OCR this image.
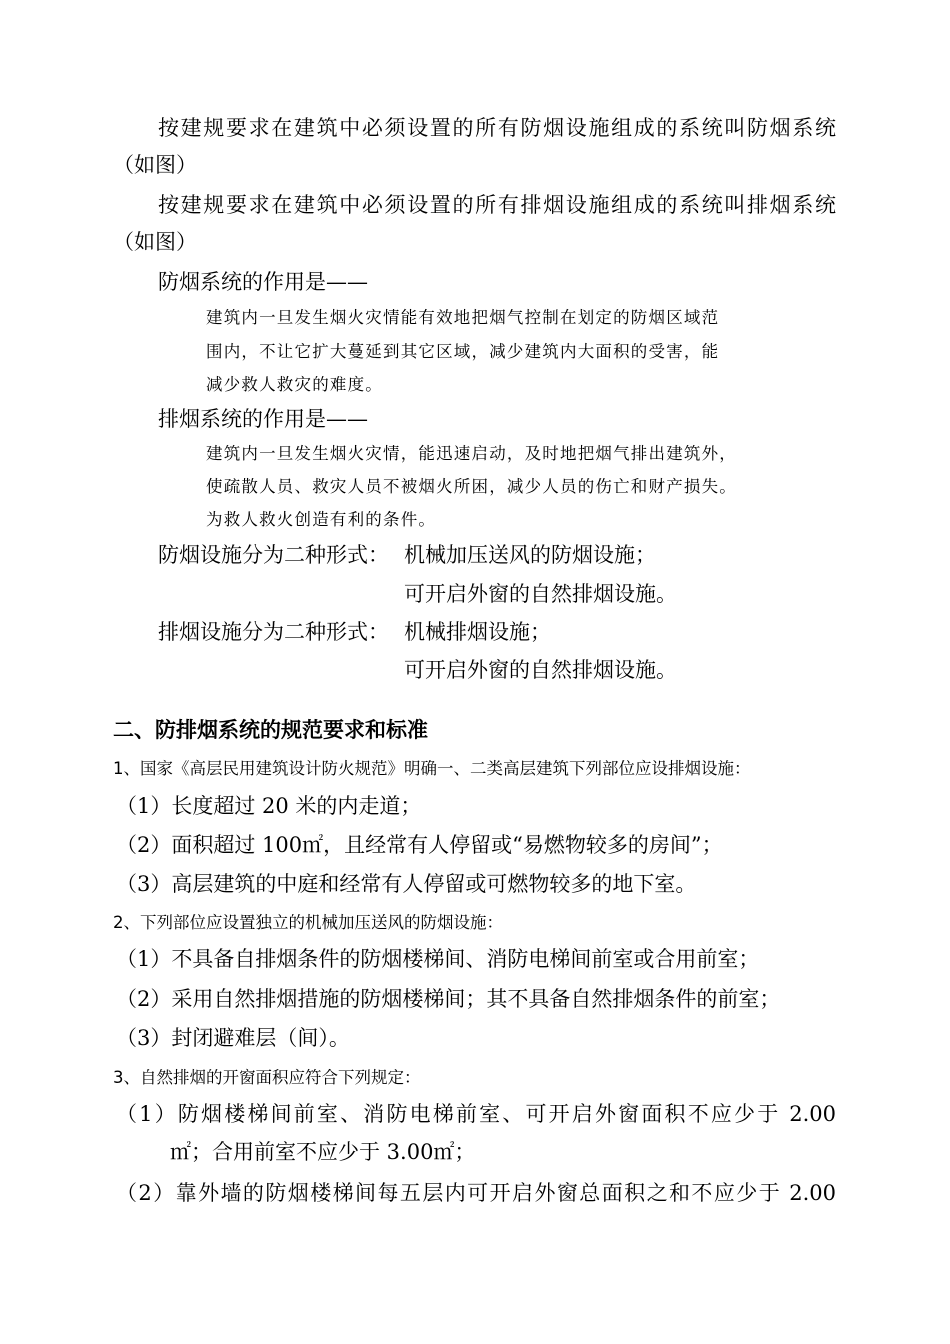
按建规要求在建筑中必须设置的所有防烟设施组成的系统叫防烟系统
（如图）
按建规要求在建筑中必须设置的所有排烟设施组成的系统叫排烟系统
（如图）
防烟系统的作用是——
建筑内一旦发生烟火灾情能有效地把烟气控制在划定的防烟区域范
围内，不让它扩大蔓延到其它区域，减少建筑内大面积的受害，能
减少救人救灾的难度。
排烟系统的作用是——
建筑内一旦发生烟火灾情，能迅速启动，及时地把烟气排出建筑外，
使疏散人员、救灾人员不被烟火所困，减少人员的伤亡和财产损失。
为救人救火创造有利的条件。
防烟设施分为二种形式： 机械加压送风的防烟设施；
可开启外窗的自然排烟设施。
排烟设施分为二种形式： 机械排烟设施；
可开启外窗的自然排烟设施。
二、防排烟系统的规范要求和标准
1、国家《高层民用建筑设计防火规范》明确一、二类高层建筑下列部位应设排烟设施：
（1）长度超过 20 米的内走道；
（2）面积超过 100㎡，且经常有人停留或“易燃物较多的房间”；
（3）高层建筑的中庭和经常有人停留或可燃物较多的地下室。
2、下列部位应设置独立的机械加压送风的防烟设施：
（1）不具备自排烟条件的防烟楼梯间、消防电梯间前室或合用前室；
（2）采用自然排烟措施的防烟楼梯间；其不具备自然排烟条件的前室；
（3）封闭避难层（间）。
3、自然排烟的开窗面积应符合下列规定：
（1）防烟楼梯间前室、消防电梯前室、可开启外窗面积不应少于 2.00
㎡；合用前室不应少于 3.00㎡；
（2）靠外墙的防烟楼梯间每五层内可开启外窗总面积之和不应少于 2.00
